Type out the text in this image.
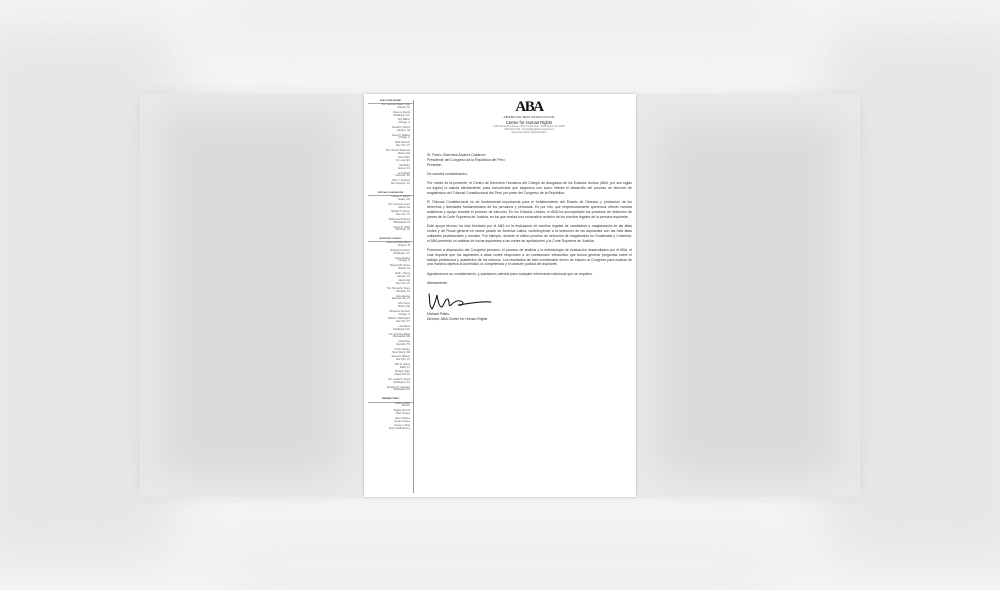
EXECUTIVE BOARD
Hon. James E. Baker, Chair
Raleigh, NC
Clarence Dupnik
Washington, DC
Tony Barber
Chicago, IL
Stewart F. Patrick
Arlington, VA
Laurel G. Bellows
Chicago, IL
Mark Shulman
New York, NY
Hon. Rosalie Silberman
Boston, MA
Steve Wirtz
St. Louis, MO
Gail Rubin
Denver, CO
Jerry Wright
Greenville, SC
Barry J. Shulman
San Francisco, CA
SPECIAL COUNSELORS
Lindsey S. Nelson
Seattle, WA
Hon. Freeman Jones
Atlanta, GA
Michael H. Posner
New York, NY
Mohammed Bojnordi
Philadelphia, PA
Robert H. White
Pittsburgh, PA
ADVISORY COUNCIL
Maria Gonzales Moore
Newport, RI
Christoph Anderson
Washington, DC
Laurie Morales
Chicago, IL
Raymond M. Brown
Newark, NJ
Ruth L. Rivera
Lakeville, NY
Janet Lloyd
New York, NY
Hon. Bernard E. Stone
Memphis, TN
Erika George
Salt Lake City, UT
John Hayes
Boston, MA
Michael E. Kennedy
Chicago, IL
Robert F. Washington
New York, NY
Lisa Moore
Washington, DC
Hon. Francine Marks
Minneapolis, MN
Lucas Hose
Memphis, TN
Connie Hayden
Silver Spring, MD
James M. Dickson
New York, NY
Nick R. Garrett
Miami, FL
Monique Tighe
Chapel Hill, NC
Hon. Gerald T. Arnold
Washington, DC
Elizabeth M. Gonzalez
Philadelphia, PA
MEMBER STAFF
Whitney Robin
Director
Brigitte Romero
Chief Counsel
Erica Crabtree
Senior Counsel
Joanna J. Moss
Senior Staff Attorney
ABA
AMERICAN BAR ASSOCIATION
Center for Human Rights
1050 Connecticut Avenue, NW • Fourth Floor • Washington, DC 20036
(202) 662-1032 • humanrights@americanbar.org
www.americanbar.org/humanrights
Sr. Pedro Olaechea Álvarez-Calderón
Presidente del Congreso de la República del Perú
Presente.-

De nuestra consideración,

Por medio de la presente, el Centro de Derechos Humanos del Colegio de Abogados de los Estados Unidos (ABA, por sus siglas en inglés) lo saluda atentamente, para comunicarle que seguimos con sumo interés el desarrollo del proceso de elección de magistrados del Tribunal Constitucional del Perú por parte del Congreso de la República.

El Tribunal Constitucional es de fundamental importancia para el fortalecimiento del Estado de Derecho y protección de los derechos y libertades fundamentales de los peruanos y peruanas. Es por ello, que respetuosamente queremos ofrecer nuestra asistencia y apoyo durante el proceso de elección. En los Estados Unidos, el ABA ha acompañado los procesos de selección de jueces de la Corte Suprema de Justicia, en los que realiza una exhaustiva revisión de los escritos legales de la persona aspirante.

Este apoyo técnico ha sido brindado por el ABA en la evaluación de escritos legales de candidatos a magistrado/a de las altas cortes y de Fiscal general en varios países de América Latina, contribuyendo a la selección de los aspirantes con las más altas calidades profesionales y morales. Por ejemplo, durante el último proceso de selección de magistrados en Guatemala y Colombia, el ABA presentó un análisis de los/as aspirantes a las cortes de apelaciones y la Corte Suprema de Justicia.

Ponemos a disposición del Congreso peruano, el proceso de análisis y la metodología de evaluación desarrollados por el ABA, el cual requiere que los aspirantes a altas cortes respondan a un cuestionario exhaustivo que busca generar preguntas sobre el trabajo profesional y académico de los mismos. Los resultados de este cuestionario sirven de insumo al Congreso para evaluar de una manera objetiva la idoneidad, la competencia y el carácter judicial del aspirante.

Agradecemos su consideración, y quedamos atentos para cualquier información adicional que se requiera.

Atentamente,

Michael Pates
Director, ABA Center for Human Rights
